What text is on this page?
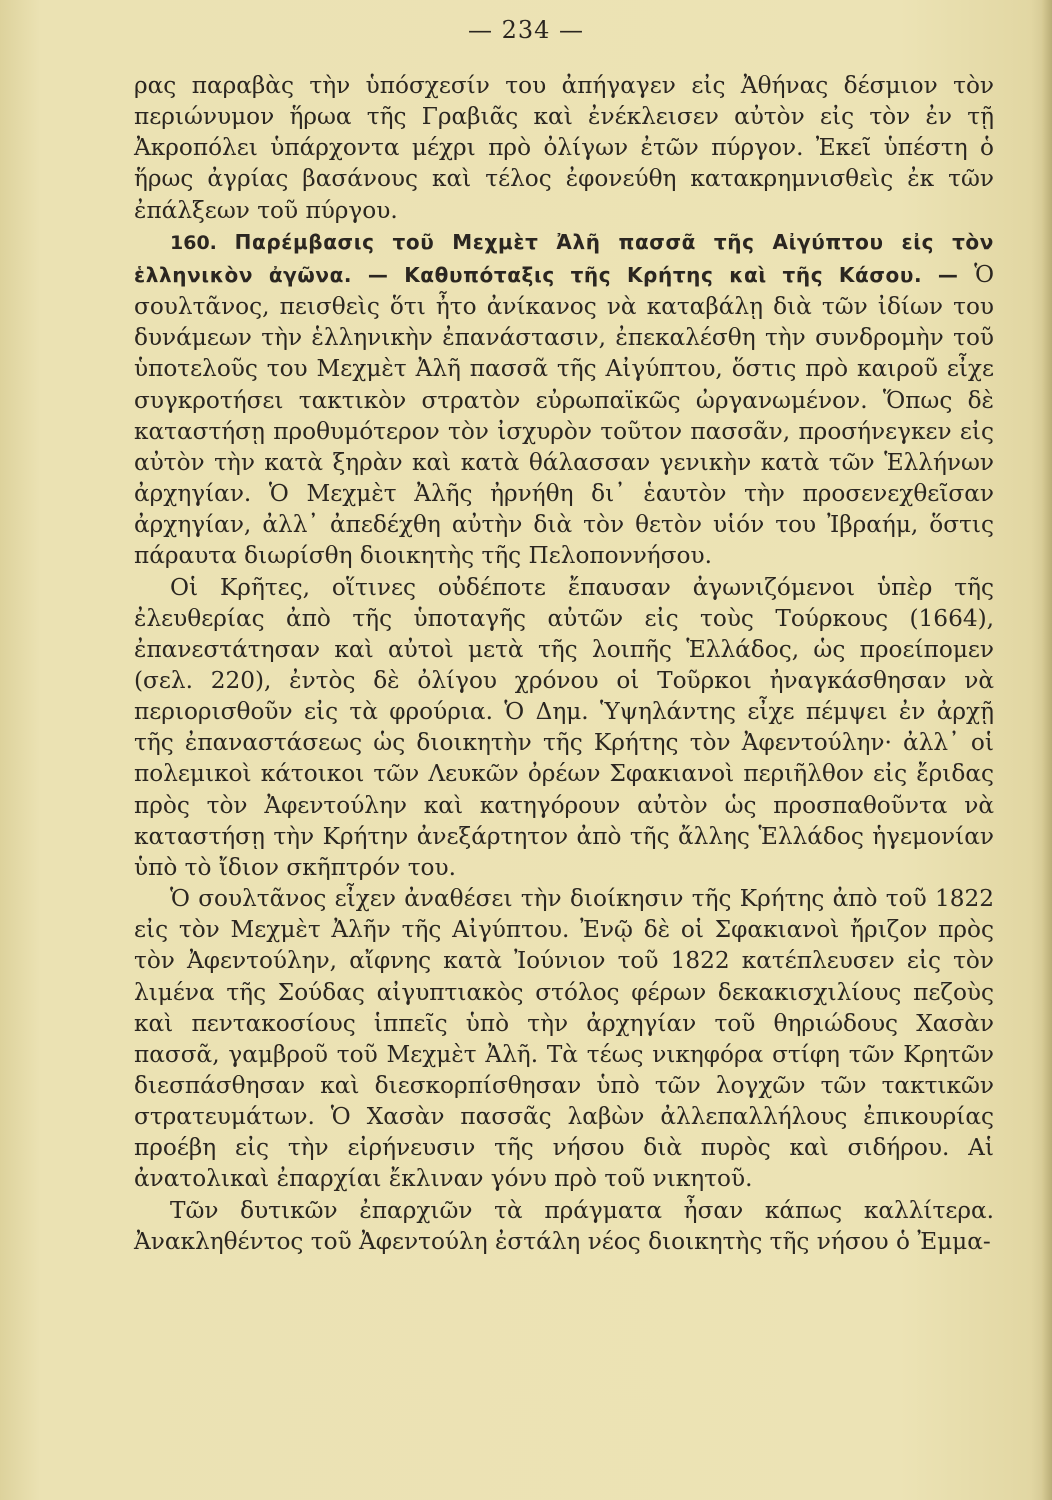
— 234 —

ρας παραβὰς τὴν ὑπόσχεσίν του ἀπήγαγεν εἰς Ἀθήνας δέσμιον τὸν περιώνυμον ἥρωα τῆς Γραβιᾶς καὶ ἐνέκλεισεν αὐτὸν εἰς τὸν ἐν τῇ Ἀκροπόλει ὑπάρχοντα μέχρι πρὸ ὀλίγων ἐτῶν πύργον. Ἐκεῖ ὑπέστη ὁ ἥρως ἀγρίας βασάνους καὶ τέλος ἐφονεύθη κατακρημνισθεὶς ἐκ τῶν ἐπάλξεων τοῦ πύργου.

160. Παρέμβασις τοῦ Μεχμὲτ Ἀλῆ πασσᾶ τῆς Αἰγύπτου εἰς τὸν ἑλληνικὸν ἀγῶνα. — Καθυπόταξις τῆς Κρήτης καὶ τῆς Κάσου. — Ὁ σουλτᾶνος, πεισθεὶς ὅτι ἦτο ἀνίκανος νὰ καταβάλῃ διὰ τῶν ἰδίων του δυνάμεων τὴν ἑλληνικὴν ἐπανάστασιν, ἐπεκαλέσθη τὴν συνδρομὴν τοῦ ὑποτελοῦς του Μεχμὲτ Ἀλῆ πασσᾶ τῆς Αἰγύπτου, ὅστις πρὸ καιροῦ εἶχε συγκροτήσει τακτικὸν στρατὸν εὐρωπαϊκῶς ὠργανωμένον. Ὅπως δὲ καταστήσῃ προθυμότερον τὸν ἰσχυρὸν τοῦτον πασσᾶν, προσήνεγκεν εἰς αὐτὸν τὴν κατὰ ξηρὰν καὶ κατὰ θάλασσαν γενικὴν κατὰ τῶν Ἑλλήνων ἀρχηγίαν. Ὁ Μεχμὲτ Ἀλῆς ἠρνήθη δι᾽ ἑαυτὸν τὴν προσενεχθεῖσαν ἀρχηγίαν, ἀλλ᾽ ἀπεδέχθη αὐτὴν διὰ τὸν θετὸν υἱόν του Ἰβραήμ, ὅστις πάραυτα διωρίσθη διοικητὴς τῆς Πελοποννήσου.

Οἱ Κρῆτες, οἵτινες οὐδέποτε ἔπαυσαν ἀγωνιζόμενοι ὑπὲρ τῆς ἐλευθερίας ἀπὸ τῆς ὑποταγῆς αὐτῶν εἰς τοὺς Τούρκους (1664), ἐπανεστάτησαν καὶ αὐτοὶ μετὰ τῆς λοιπῆς Ἑλλάδος, ὡς προείπομεν (σελ. 220), ἐντὸς δὲ ὀλίγου χρόνου οἱ Τοῦρκοι ἠναγκάσθησαν νὰ περιορισθοῦν εἰς τὰ φρούρια. Ὁ Δημ. Ὑψηλάντης εἶχε πέμψει ἐν ἀρχῇ τῆς ἐπαναστάσεως ὡς διοικητὴν τῆς Κρήτης τὸν Ἀφεντούλην· ἀλλ᾽ οἱ πολεμικοὶ κάτοικοι τῶν Λευκῶν ὀρέων Σφακιανοὶ περιῆλθον εἰς ἔριδας πρὸς τὸν Ἀφεντούλην καὶ κατηγόρουν αὐτὸν ὡς προσπαθοῦντα νὰ καταστήσῃ τὴν Κρήτην ἀνεξάρτητον ἀπὸ τῆς ἄλλης Ἑλλάδος ἡγεμονίαν ὑπὸ τὸ ἴδιον σκῆπτρόν του.

Ὁ σουλτᾶνος εἶχεν ἀναθέσει τὴν διοίκησιν τῆς Κρήτης ἀπὸ τοῦ 1822 εἰς τὸν Μεχμὲτ Ἀλῆν τῆς Αἰγύπτου. Ἐνῷ δὲ οἱ Σφακιανοὶ ἤριζον πρὸς τὸν Ἀφεντούλην, αἴφνης κατὰ Ἰούνιον τοῦ 1822 κατέπλευσεν εἰς τὸν λιμένα τῆς Σούδας αἰγυπτιακὸς στόλος φέρων δεκακισχιλίους πεζοὺς καὶ πεντακοσίους ἱππεῖς ὑπὸ τὴν ἀρχηγίαν τοῦ θηριώδους Χασὰν πασσᾶ, γαμβροῦ τοῦ Μεχμὲτ Ἀλῆ. Τὰ τέως νικηφόρα στίφη τῶν Κρητῶν διεσπάσθησαν καὶ διεσκορπίσθησαν ὑπὸ τῶν λογχῶν τῶν τακτικῶν στρατευμάτων. Ὁ Χασὰν πασσᾶς λαβὼν ἀλλεπαλλήλους ἐπικουρίας προέβη εἰς τὴν εἰρήνευσιν τῆς νήσου διὰ πυρὸς καὶ σιδήρου. Αἱ ἀνατολικαὶ ἐπαρχίαι ἔκλιναν γόνυ πρὸ τοῦ νικητοῦ.

Τῶν δυτικῶν ἐπαρχιῶν τὰ πράγματα ἦσαν κάπως καλλίτερα. Ἀνακληθέντος τοῦ Ἀφεντούλη ἐστάλη νέος διοικητὴς τῆς νήσου ὁ Ἐμμα-
